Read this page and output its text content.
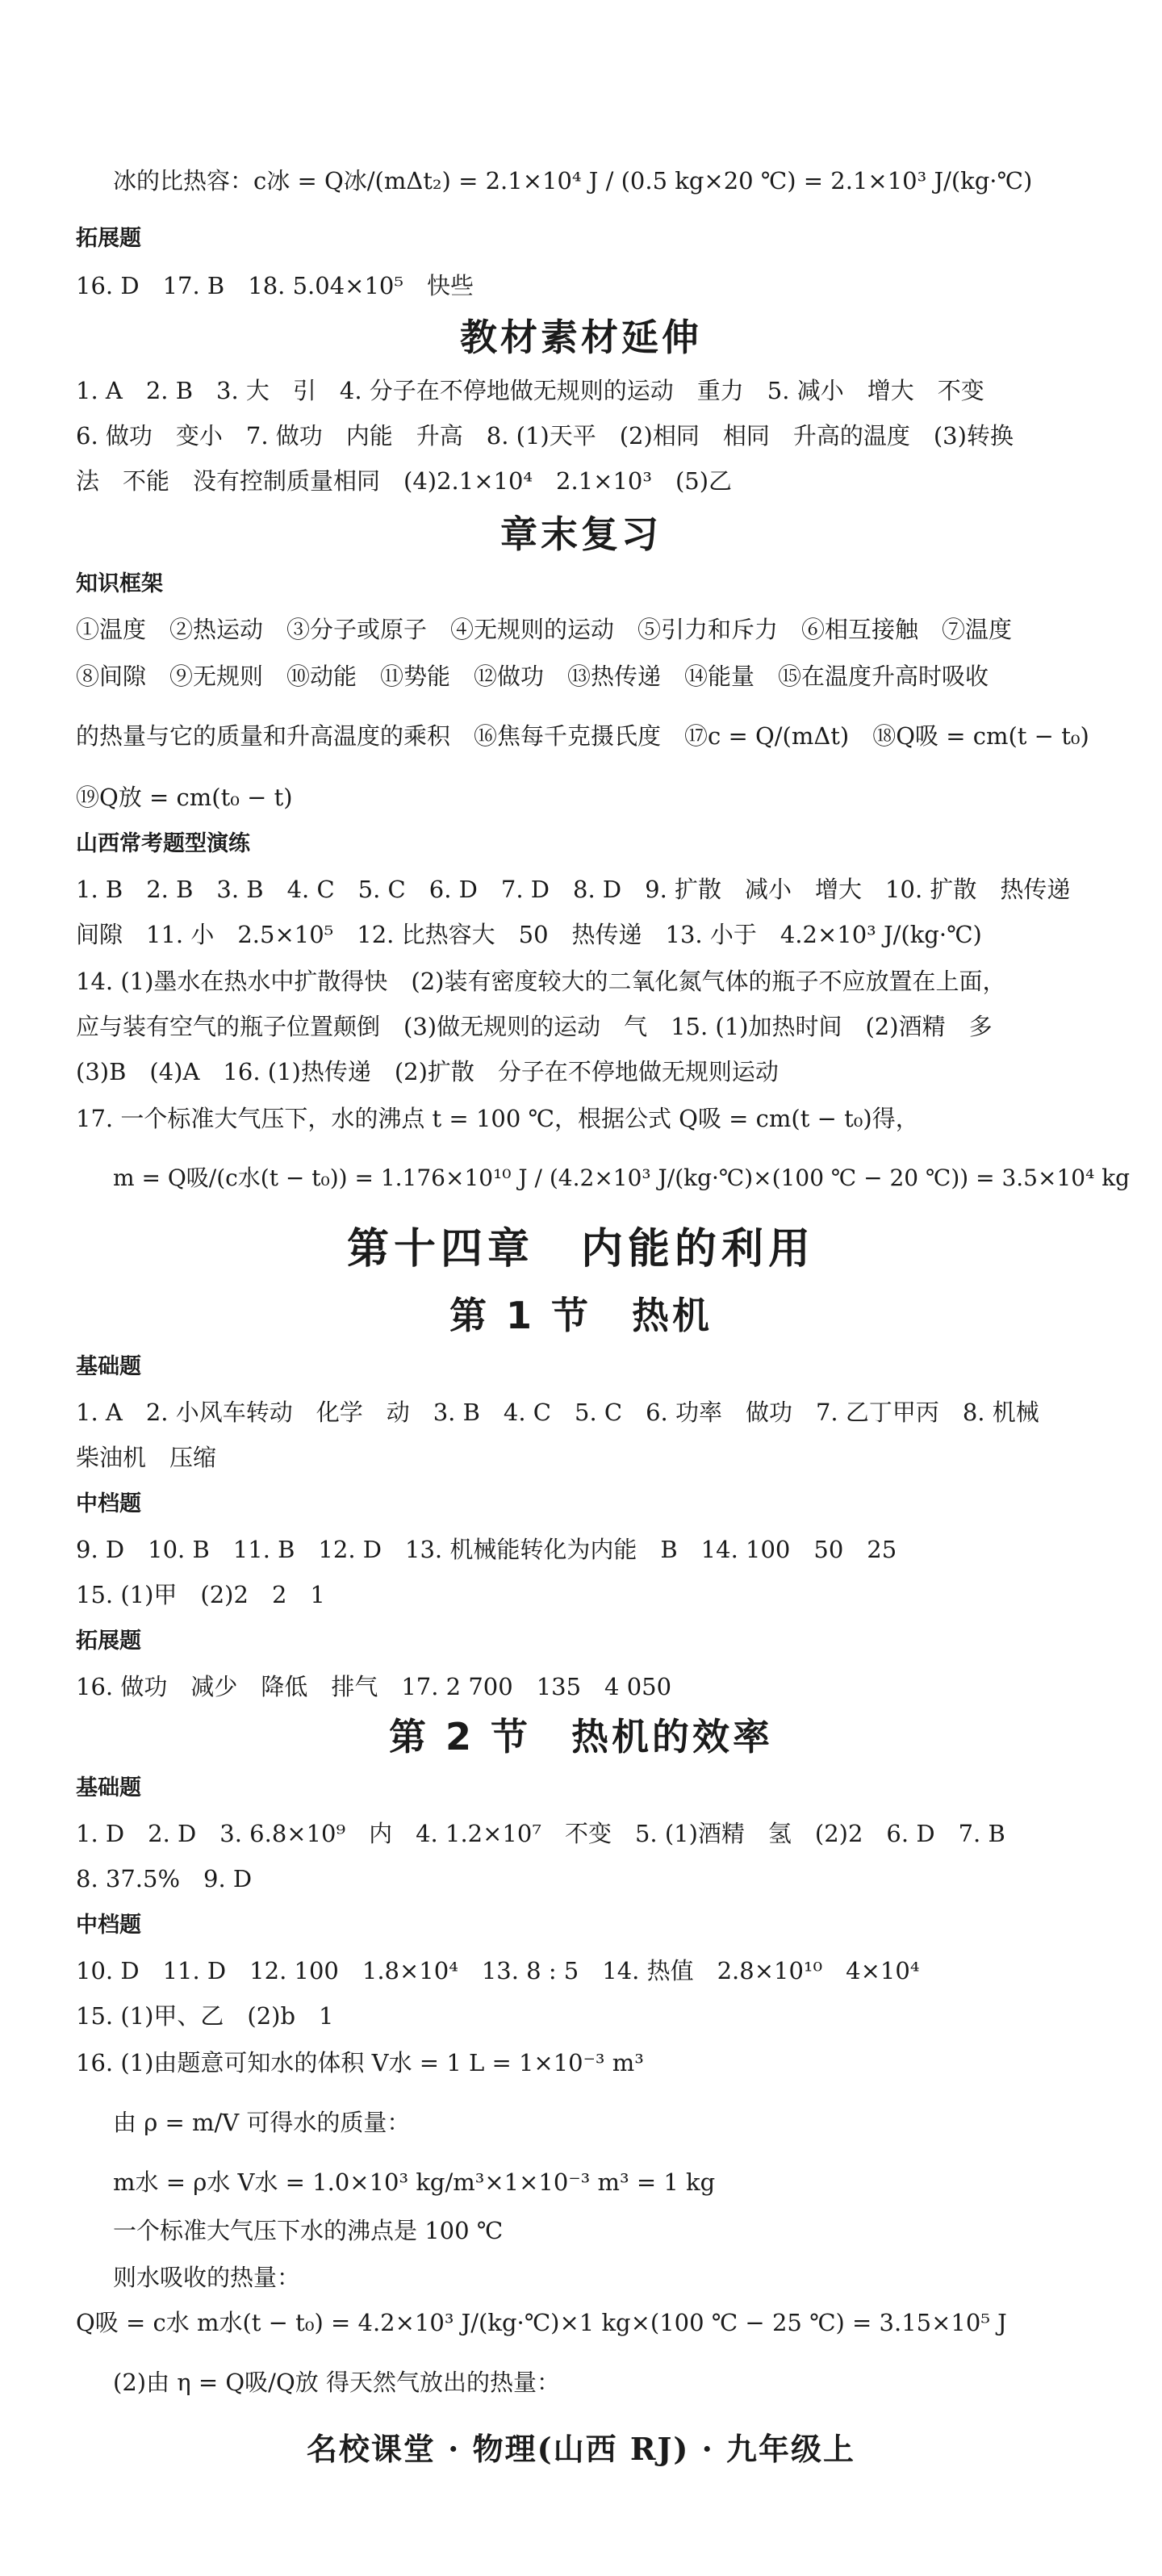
冰的比热容：c冰 = Q冰/(mΔt₂) = 2.1×10⁴ J / (0.5 kg×20 ℃) = 2.1×10³ J/(kg·℃)
拓展题
16. D　17. B　18. 5.04×10⁵　快些
教材素材延伸
1. A　2. B　3. 大　引　4. 分子在不停地做无规则的运动　重力　5. 减小　增大　不变
6. 做功　变小　7. 做功　内能　升高　8. (1)天平　(2)相同　相同　升高的温度　(3)转换
法　不能　没有控制质量相同　(4)2.1×10⁴　2.1×10³　(5)乙
章末复习
知识框架
①温度　②热运动　③分子或原子　④无规则的运动　⑤引力和斥力　⑥相互接触　⑦温度
⑧间隙　⑨无规则　⑩动能　⑪势能　⑫做功　⑬热传递　⑭能量　⑮在温度升高时吸收
的热量与它的质量和升高温度的乘积　⑯焦每千克摄氏度　⑰c = Q/(mΔt)　⑱Q吸 = cm(t − t₀)
⑲Q放 = cm(t₀ − t)
山西常考题型演练
1. B　2. B　3. B　4. C　5. C　6. D　7. D　8. D　9. 扩散　减小　增大　10. 扩散　热传递
间隙　11. 小　2.5×10⁵　12. 比热容大　50　热传递　13. 小于　4.2×10³ J/(kg·℃)
14. (1)墨水在热水中扩散得快　(2)装有密度较大的二氧化氮气体的瓶子不应放置在上面，
应与装有空气的瓶子位置颠倒　(3)做无规则的运动　气　15. (1)加热时间　(2)酒精　多
(3)B　(4)A　16. (1)热传递　(2)扩散　分子在不停地做无规则运动
17. 一个标准大气压下，水的沸点 t = 100 ℃，根据公式 Q吸 = cm(t − t₀)得，
m = Q吸/(c水(t − t₀)) = 1.176×10¹⁰ J / (4.2×10³ J/(kg·℃)×(100 ℃ − 20 ℃)) = 3.5×10⁴ kg
第十四章　内能的利用
第 1 节　热机
基础题
1. A　2. 小风车转动　化学　动　3. B　4. C　5. C　6. 功率　做功　7. 乙丁甲丙　8. 机械
柴油机　压缩
中档题
9. D　10. B　11. B　12. D　13. 机械能转化为内能　B　14. 100　50　25
15. (1)甲　(2)2　2　1
拓展题
16. 做功　减少　降低　排气　17. 2 700　135　4 050
第 2 节　热机的效率
基础题
1. D　2. D　3. 6.8×10⁹　内　4. 1.2×10⁷　不变　5. (1)酒精　氢　(2)2　6. D　7. B
8. 37.5%　9. D
中档题
10. D　11. D　12. 100　1.8×10⁴　13. 8 : 5　14. 热值　2.8×10¹⁰　4×10⁴
15. (1)甲、乙　(2)b　1
16. (1)由题意可知水的体积 V水 = 1 L = 1×10⁻³ m³
由 ρ = m/V 可得水的质量：
m水 = ρ水 V水 = 1.0×10³ kg/m³×1×10⁻³ m³ = 1 kg
一个标准大气压下水的沸点是 100 ℃
则水吸收的热量：
Q吸 = c水 m水(t − t₀) = 4.2×10³ J/(kg·℃)×1 kg×(100 ℃ − 25 ℃) = 3.15×10⁵ J
(2)由 η = Q吸/Q放 得天然气放出的热量：
名校课堂 · 物理(山西 RJ) · 九年级上
